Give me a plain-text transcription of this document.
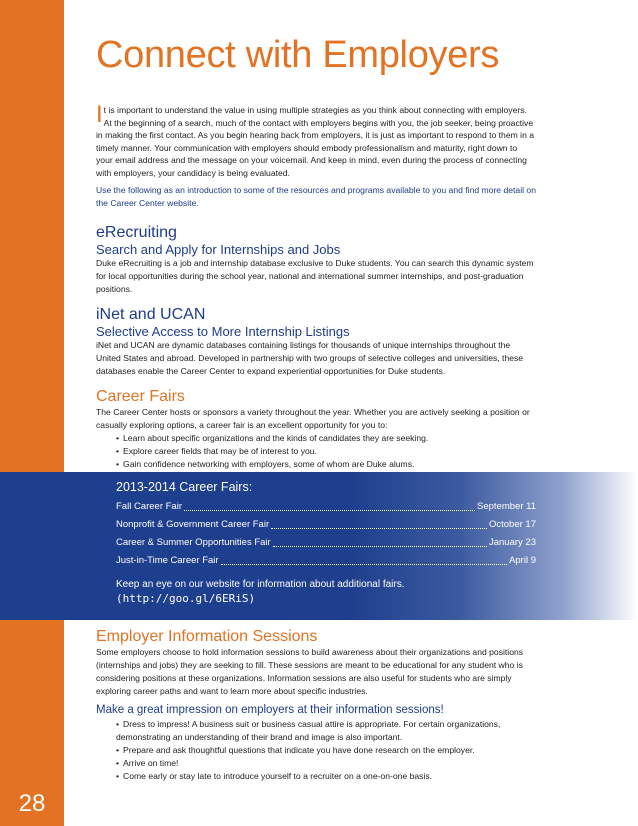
28
Connect with Employers
It is important to understand the value in using multiple strategies as you think about connecting with employers. At the beginning of a search, much of the contact with employers begins with you, the job seeker, being proactive in making the first contact. As you begin hearing back from employers, it is just as important to respond to them in a timely manner. Your communication with employers should embody professionalism and maturity, right down to your email address and the message on your voicemail. And keep in mind, even during the process of connecting with employers, your candidacy is being evaluated.
Use the following as an introduction to some of the resources and programs available to you and find more detail on the Career Center website.
eRecruiting
Search and Apply for Internships and Jobs

Duke eRecruiting is a job and internship database exclusive to Duke students. You can search this dynamic system for local opportunities during the school year, national and international summer internships, and post-graduation positions.

iNet and UCAN
Selective Access to More Internship Listings

iNet and UCAN are dynamic databases containing listings for thousands of unique internships throughout the United States and abroad. Developed in partnership with two groups of selective colleges and universities, these databases enable the Career Center to expand experiential opportunities for Duke students.

Career Fairs

The Career Center hosts or sponsors a variety throughout the year. Whether you are actively seeking a position or casually exploring options, a career fair is an excellent opportunity for you to:

• Learn about specific organizations and the kinds of candidates they are seeking.
• Explore career fields that may be of interest to you.
• Gain confidence networking with employers, some of whom are Duke alums.
2013-2014 Career Fairs:
Fall Career Fair	September 11
Nonprofit & Government Career Fair	October 17
Career & Summer Opportunities Fair	January 23
Just-in-Time Career Fair	April 9
Keep an eye on our website for information about additional fairs.
(http://goo.gl/6ERiS)
Employer Information Sessions

Some employers choose to hold information sessions to build awareness about their organizations and positions (internships and jobs) they are seeking to fill. These sessions are meant to be educational for any student who is considering positions at these organizations. Information sessions are also useful for students who are simply exploring career paths and want to learn more about specific industries.

Make a great impression on employers at their information sessions!
• Dress to impress! A business suit or business casual attire is appropriate. For certain organizations, demonstrating an understanding of their brand and image is also important.
• Prepare and ask thoughtful questions that indicate you have done research on the employer.
• Arrive on time!
• Come early or stay late to introduce yourself to a recruiter on a one-on-one basis.
